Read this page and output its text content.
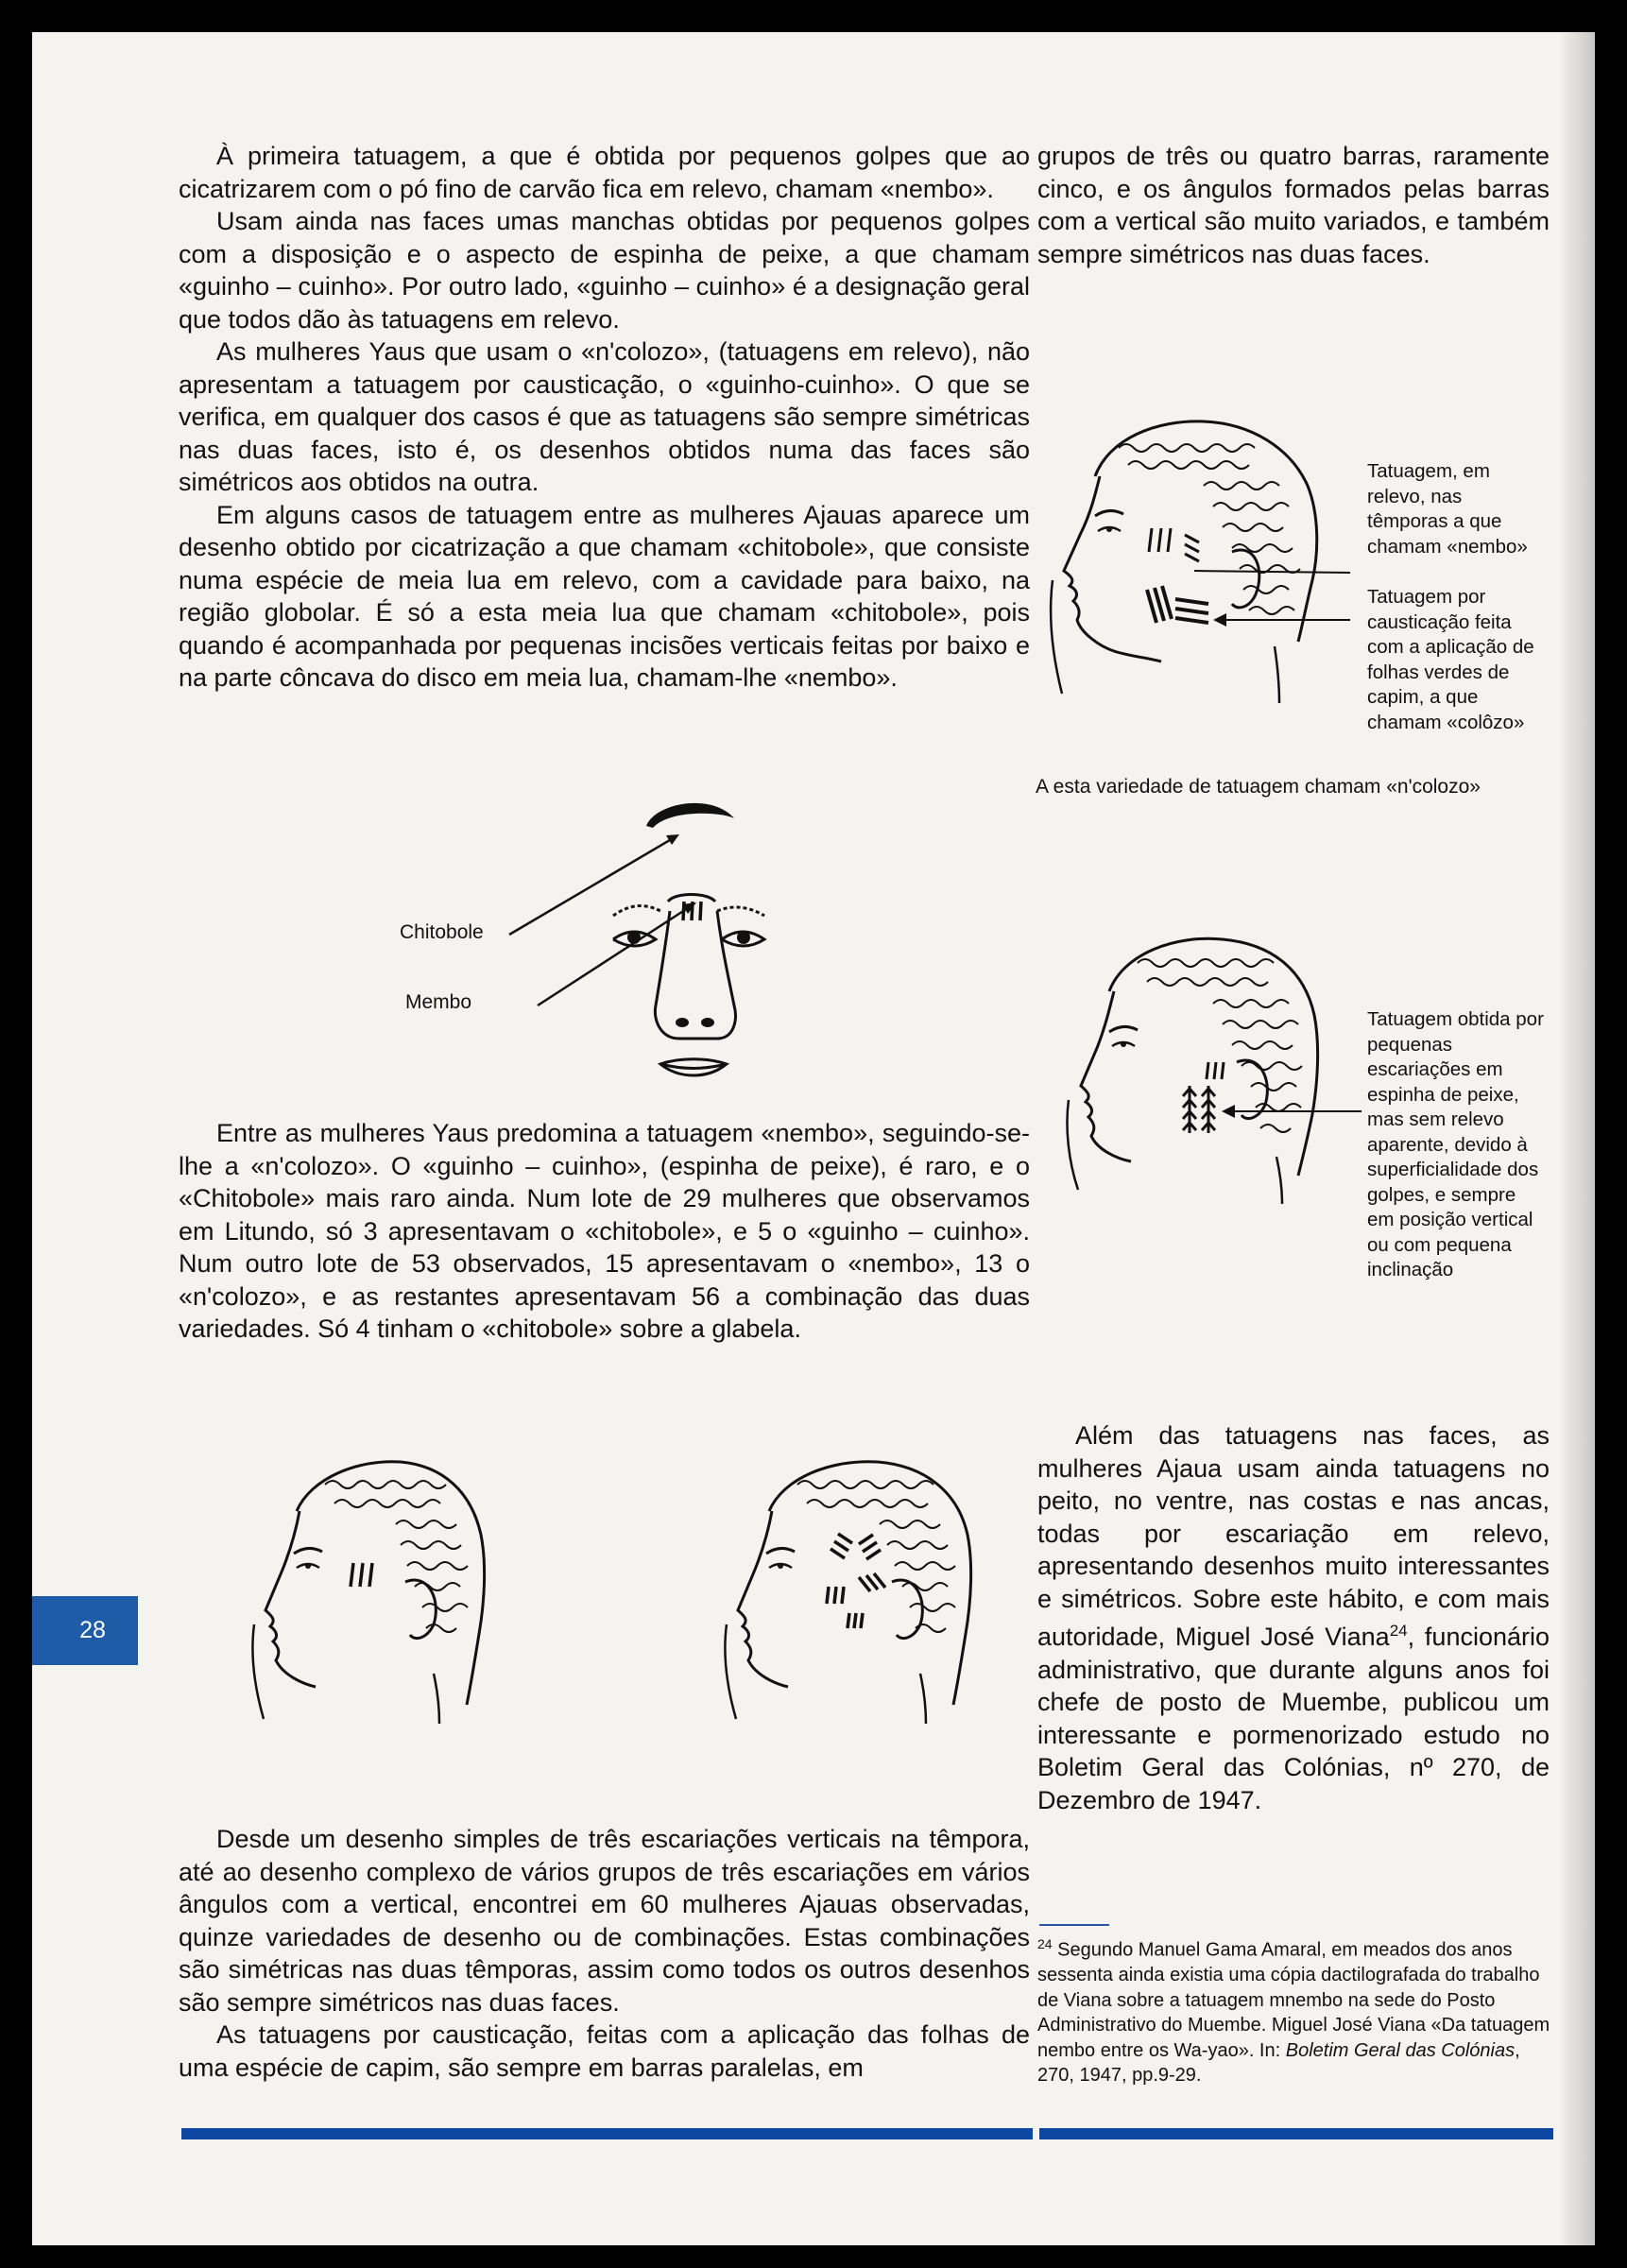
À primeira tatuagem, a que é obtida por pequenos golpes que ao cicatrizarem com o pó fino de carvão fica em relevo, chamam «nembo».

Usam ainda nas faces umas manchas obtidas por pequenos golpes com a disposição e o aspecto de espinha de peixe, a que chamam «guinho – cuinho». Por outro lado, «guinho – cuinho» é a designação geral que todos dão às tatuagens em relevo.

As mulheres Yaus que usam o «n'colozo», (tatuagens em relevo), não apresentam a tatuagem por causticação, o «guinho-cuinho». O que se verifica, em qualquer dos casos é que as tatuagens são sempre simétricas nas duas faces, isto é, os desenhos obtidos numa das faces são simétricos aos obtidos na outra.

Em alguns casos de tatuagem entre as mulheres Ajauas aparece um desenho obtido por cicatrização a que chamam «chitobole», que consiste numa espécie de meia lua em relevo, com a cavidade para baixo, na região globolar. É só a esta meia lua que chamam «chitobole», pois quando é acompanhada por pequenas incisões verticais feitas por baixo e na parte côncava do disco em meia lua, chamam-lhe «nembo».

grupos de três ou quatro barras, raramente cinco, e os ângulos formados pelas barras com a vertical são muito variados, e também sempre simétricos nas duas faces.

Tatuagem, em relevo, nas têmporas a que chamam «nembo»
Tatuagem por causticação feita com a aplicação de folhas verdes de capim, a que chamam «colôzo»
A esta variedade de tatuagem chamam «n'colozo»
Chitobole
Membo
Tatuagem obtida por pequenas escariações em espinha de peixe, mas sem relevo aparente, devido à superficialidade dos golpes, e sempre em posição vertical ou com pequena inclinação

Entre as mulheres Yaus predomina a tatuagem «nembo», seguindo-se-lhe a «n'colozo». O «guinho – cuinho», (espinha de peixe), é raro, e o «Chitobole» mais raro ainda. Num lote de 29 mulheres que observamos em Litundo, só 3 apresentavam o «chitobole», e 5 o «guinho – cuinho». Num outro lote de 53 observados, 15 apresentavam o «nembo», 13 o «n'colozo», e as restantes apresentavam 56 a combinação das duas variedades. Só 4 tinham o «chitobole» sobre a glabela.

Desde um desenho simples de três escariações verticais na têmpora, até ao desenho complexo de vários grupos de três escariações em vários ângulos com a vertical, encontrei em 60 mulheres Ajauas observadas, quinze variedades de desenho ou de combinações. Estas combinações são simétricas nas duas têmporas, assim como todos os outros desenhos são sempre simétricos nas duas faces.

As tatuagens por causticação, feitas com a aplicação das folhas de uma espécie de capim, são sempre em barras paralelas, em

Além das tatuagens nas faces, as mulheres Ajaua usam ainda tatuagens no peito, no ventre, nas costas e nas ancas, todas por escariação em relevo, apresentando desenhos muito interessantes e simétricos. Sobre este hábito, e com mais autoridade, Miguel José Viana$^{24}$, funcionário administrativo, que durante alguns anos foi chefe de posto de Muembe, publicou um interessante e pormenorizado estudo no Boletim Geral das Colónias, nº 270, de Dezembro de 1947.

$^{24}$ Segundo Manuel Gama Amaral, em meados dos anos sessenta ainda existia uma cópia dactilografada do trabalho de Viana sobre a tatuagem mnembo na sede do Posto Administrativo do Muembe. Miguel José Viana «Da tatuagem nembo entre os Wa-yao». In: Boletim Geral das Colónias, 270, 1947, pp.9-29.

28
